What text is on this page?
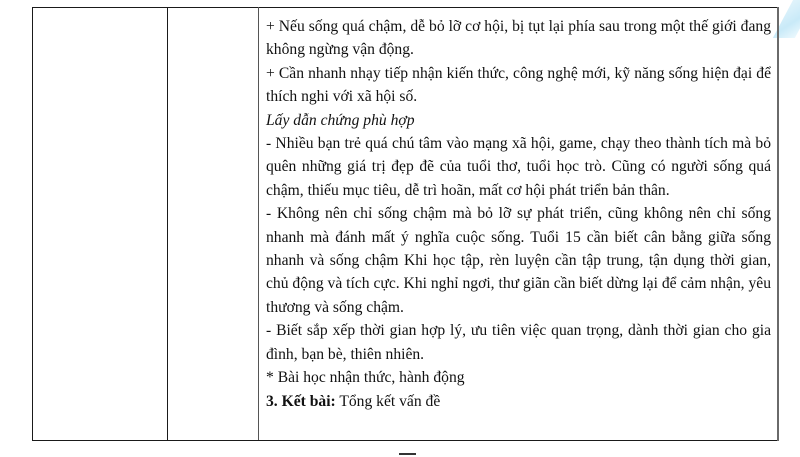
+ Nếu sống quá chậm, dễ bỏ lỡ cơ hội, bị tụt lại phía sau trong một thế giới đang không ngừng vận động.

+ Cần nhanh nhạy tiếp nhận kiến thức, công nghệ mới, kỹ năng sống hiện đại để thích nghi với xã hội số.

Lấy dẫn chứng phù hợp

- Nhiều bạn trẻ quá chú tâm vào mạng xã hội, game, chạy theo thành tích mà bỏ quên những giá trị đẹp đẽ của tuổi thơ, tuổi học trò. Cũng có người sống quá chậm, thiếu mục tiêu, dễ trì hoãn, mất cơ hội phát triển bản thân.

- Không nên chỉ sống chậm mà bỏ lỡ sự phát triển, cũng không nên chỉ sống nhanh mà đánh mất ý nghĩa cuộc sống. Tuổi 15 cần biết cân bằng giữa sống nhanh và sống chậm Khi học tập, rèn luyện cần tập trung, tận dụng thời gian, chủ động và tích cực. Khi nghỉ ngơi, thư giãn cần biết dừng lại để cảm nhận, yêu thương và sống chậm.

- Biết sắp xếp thời gian hợp lý, ưu tiên việc quan trọng, dành thời gian cho gia đình, bạn bè, thiên nhiên.

* Bài học nhận thức, hành động

3. Kết bài: Tổng kết vấn đề
